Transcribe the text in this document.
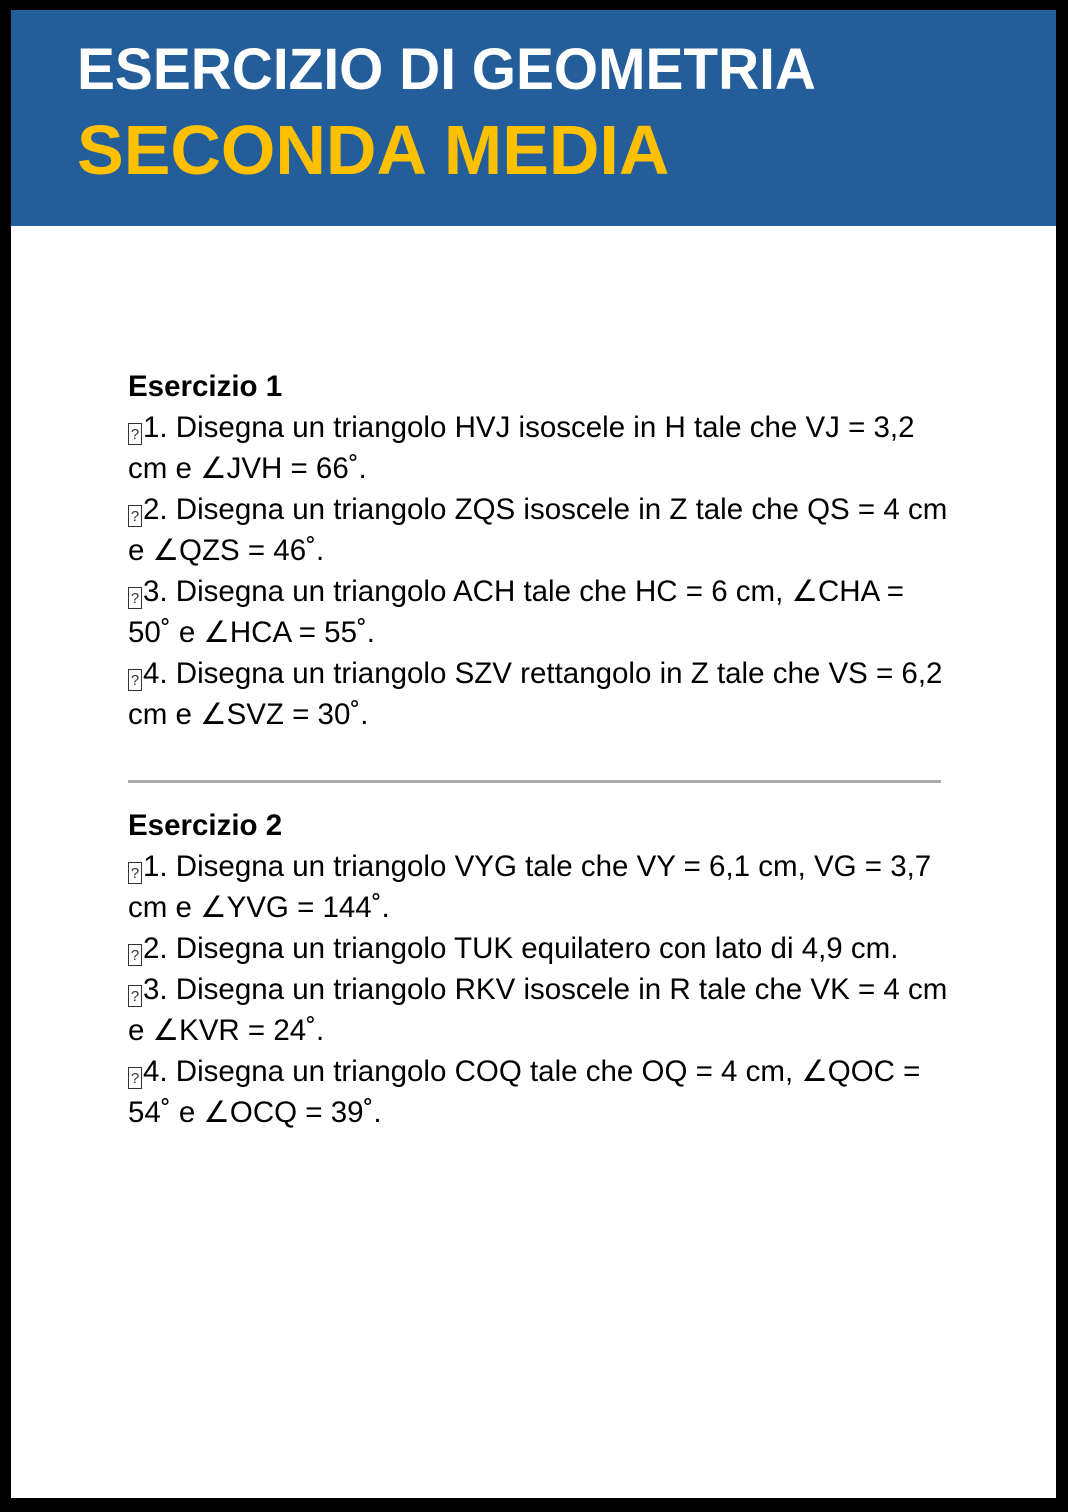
ESERCIZIO DI GEOMETRIA
SECONDA MEDIA
Esercizio 1
? 1. Disegna un triangolo HVJ isoscele in H tale che VJ = 3,2 cm e ∠JVH = 66˚.
? 2. Disegna un triangolo ZQS isoscele in Z tale che QS = 4 cm e ∠QZS = 46˚.
? 3. Disegna un triangolo ACH tale che HC = 6 cm, ∠CHA = 50˚ e ∠HCA = 55˚.
? 4. Disegna un triangolo SZV rettangolo in Z tale che VS = 6,2 cm e ∠SVZ = 30˚.
Esercizio 2
? 1. Disegna un triangolo VYG tale che VY = 6,1 cm, VG = 3,7 cm e ∠YVG = 144˚.
? 2. Disegna un triangolo TUK equilatero con lato di 4,9 cm.
? 3. Disegna un triangolo RKV isoscele in R tale che VK = 4 cm e ∠KVR = 24˚.
? 4. Disegna un triangolo COQ tale che OQ = 4 cm, ∠QOC = 54˚ e ∠OCQ = 39˚.
